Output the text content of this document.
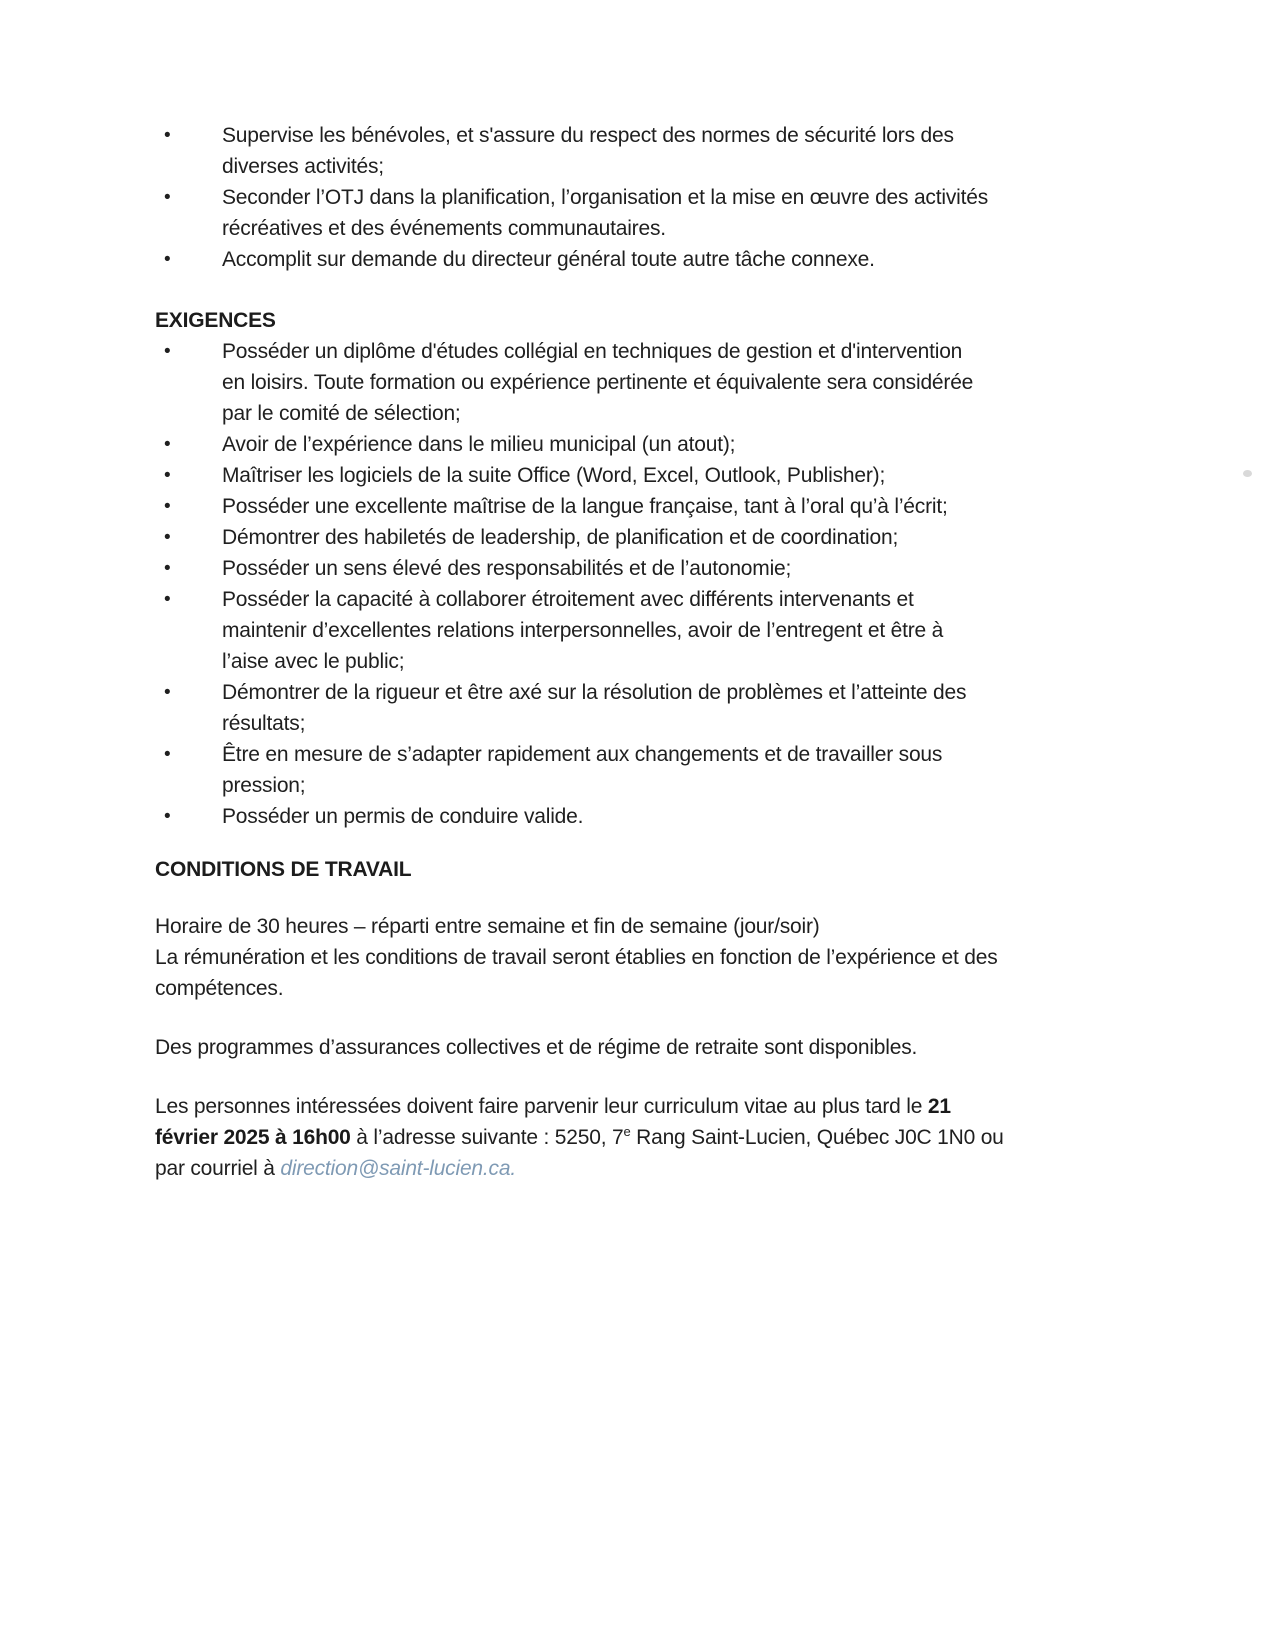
•	Supervise les bénévoles, et s'assure du respect des normes de sécurité lors des
diverses activités;
•	Seconder l’OTJ dans la planification, l’organisation et la mise en œuvre des activités
récréatives et des événements communautaires.
•	Accomplit sur demande du directeur général toute autre tâche connexe.
EXIGENCES
•	Posséder un diplôme d'études collégial en techniques de gestion et d'intervention
en loisirs. Toute formation ou expérience pertinente et équivalente sera considérée
par le comité de sélection;
•	Avoir de l’expérience dans le milieu municipal (un atout);
•	Maîtriser les logiciels de la suite Office (Word, Excel, Outlook, Publisher);
•	Posséder une excellente maîtrise de la langue française, tant à l’oral qu’à l’écrit;
•	Démontrer des habiletés de leadership, de planification et de coordination;
•	Posséder un sens élevé des responsabilités et de l’autonomie;
•	Posséder la capacité à collaborer étroitement avec différents intervenants et
maintenir d’excellentes relations interpersonnelles, avoir de l’entregent et être à
l’aise avec le public;
•	Démontrer de la rigueur et être axé sur la résolution de problèmes et l’atteinte des
résultats;
•	Être en mesure de s’adapter rapidement aux changements et de travailler sous
pression;
•	Posséder un permis de conduire valide.
CONDITIONS DE TRAVAIL
Horaire de 30 heures – réparti entre semaine et fin de semaine (jour/soir)
La rémunération et les conditions de travail seront établies en fonction de l’expérience et des
compétences.
Des programmes d’assurances collectives et de régime de retraite sont disponibles.
Les personnes intéressées doivent faire parvenir leur curriculum vitae au plus tard le 21
février 2025 à 16h00 à l’adresse suivante : 5250, 7e Rang Saint-Lucien, Québec J0C 1N0 ou
par courriel à direction@saint-lucien.ca.
